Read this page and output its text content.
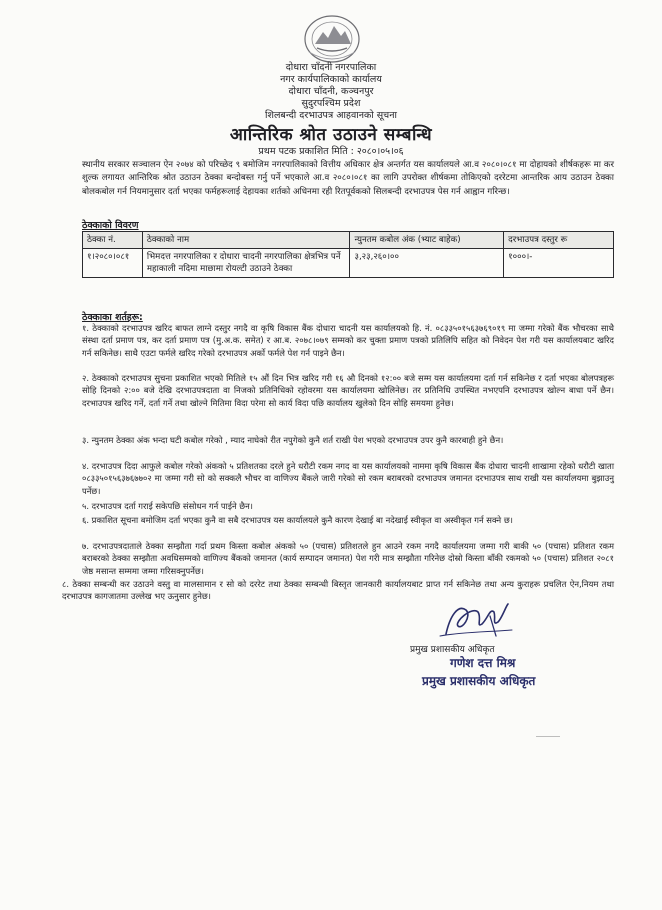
दोधारा चाँदनी नगरपालिका
नगर कार्यपालिकाको कार्यालय
दोधारा चाँदनी, कञ्चनपुर
सुदुरपश्चिम प्रदेश
शिलबन्दी दरभाउपत्र आहवानको सूचना
आन्तिरिक श्रोत उठाउने सम्बन्धि
प्रथम पटक प्रकाशित मिति : २०८०।०५।०६
स्थानीय सरकार सञ्चालन ऐन २०७४ को परिच्छेद ९ बमोजिम नगरपालिकाको वित्तीय अधिकार क्षेत्र अन्तर्गत यस कार्यालयले आ.व २०८०।०८१ मा दोहायको शीर्षकहरू मा कर शुल्क लगायत आन्तिरिक श्रोत उठाउन ठेक्का बन्दोबस्त गर्नु पर्ने भएकाले आ.व २०८०।०८१ का लागि उपरोक्त शीर्षकमा तोकिएको दररेटमा आन्तरिक आय उठाउन ठेक्का बोलकबोल गर्न नियमानुसार दर्ता भएका फर्महरूलाई देहायका शर्तको अधिनमा रही रितपूर्वकको सिलबन्दी दरभाउपत्र पेस गर्न आह्वान गरिन्छ।
ठेक्काको विवरण
ठेक्का नं.	ठेक्काको नाम	न्युनतम कबोल अंक (भ्याट बाहेक)	दरभाउपत्र दस्तुर रू
१।२०८०।०८१	भिमदत्त नगरपालिका र दोधारा चादनी नगरपालिका क्षेत्रभित्र पर्ने महाकाली नदिमा माछामा रोयल्टी उठाउने ठेक्का	३,२३,२६०।००	१०००।-
ठेक्काका शर्तहरू:
१. ठेक्काको दरभाउपत्र खरिद बाफत लाग्ने दस्तुर नगदै वा कृषि विकास बैंक दोधारा चादनी यस कार्यालयको हि. नं. ०८३३५०१५६३७६९०१९ मा जम्मा गरेको बैंक भौचरका साथै संस्था दर्ता प्रमाण पत्र, कर दर्ता प्रमाण पत्र (मु.अ.क. समेत) र आ.ब. २०७८।०७९ सम्मको कर चुक्ता प्रमाण पत्रको प्रतिलिपि सहित को निवेदन पेश गरी यस कार्यालयबाट खरिद गर्न सकिनेछ। साथै एउटा फर्मले खरिद गरेको दरभाउपत्र अर्को फर्मले पेश गर्न पाइने छैन।
२. ठेक्काको दरभाउपत्र सुचना प्रकाशित भएको मितिले १५ औं दिन भित्र खरिद गरी १६ औ दिनको १२:०० बजे सम्म यस कार्यालयमा दर्ता गर्न सकिनेछ र दर्ता भएका बोलपत्रहरू सोहि दिनको २:०० बजे देखि दरभाउपत्रदाता वा निजको प्रतिनिधिको रहोवरमा यस कार्यालयमा खोलिनेछ। तर प्रतिनिधि उपस्थित नभएपनि दरभाउपत्र खोल्न बाधा पर्ने छैन। दरभाउपत्र खरिद गर्ने, दर्ता गर्ने तथा खोल्ने मितिमा विदा परेमा सो कार्य विदा पछि कार्यालय खुलेको दिन सोहि समयमा हुनेछ।
३. न्युनतम ठेक्का अंक भन्दा घटी कबोल गरेको , म्याद नाघेको रीत नपुगेको कुनै शर्त राखी पेश भएको दरभाउपत्र उपर कुनै कारबाही हुने छैन।
४. दरभाउपत्र दिदा आफुले कबोल गरेको अंकको ५ प्रतिशतका दरले हुने धरौटी रकम नगद वा यस कार्यालयको नाममा कृषि विकास बैंक दोधारा चादनी शाखामा रहेको धरौटी खाता ०८३३५०१५६३७६७७०२ मा जम्मा गरी सो को सक्कलै भौचर वा वाणिज्य बैंकले जारी गरेको सो रकम बराबरको दरभाउपत्र जमानत दरभाउपत्र साथ राखी यस कार्यालयमा बुझाउनु पर्नेछ।
५. दरभाउपत्र दर्ता गराई सकेपछि संसोधन गर्न पाईने छैन।
६. प्रकाशित सूचना बमोजिम दर्ता भएका कुनै वा सबै दरभाउपत्र यस कार्यालयले कुनै कारण देखाई बा नदेखाई स्वीकृत वा अस्वीकृत गर्न सक्ने छ।
७. दरभाउपत्रदाताले ठेक्का सम्झौता गर्दा प्रथम किस्ता कबोल अंकको ५० (पचास) प्रतिशतले हुन आउने रकम नगदै कार्यालयमा जम्मा गरी बाकी ५० (पचास) प्रतिशत रकम बराबरको ठेक्का सम्झौता अवधिसम्मको वाणिज्य बैंकको जमानत (कार्य सम्पादन जमानत) पेश गरी मात्र सम्झौता गरिनेछ दोस्रो किस्ता बाँकी रकमको ५० (पचास) प्रतिशत २०८१ जेष्ठ मसान्त सम्ममा जम्मा गरिसक्नुपर्नेछ।
८. ठेक्का सम्बन्धी कर उठाउने वस्तु वा मालसामान र सो को दररेट तथा ठेक्का सम्बन्धी बिस्तृत जानकारी कार्यालयबाट प्राप्त गर्न सकिनेछ तथा अन्य कुराहरू प्रचलित ऐन,नियम तथा दरभाउपत्र कागजातमा उल्लेख भए ऊनुसार हुनेछ।
प्रमुख प्रशासकीय अधिकृत
गणेश दत्त मिश्र
प्रमुख प्रशासकीय अधिकृत
